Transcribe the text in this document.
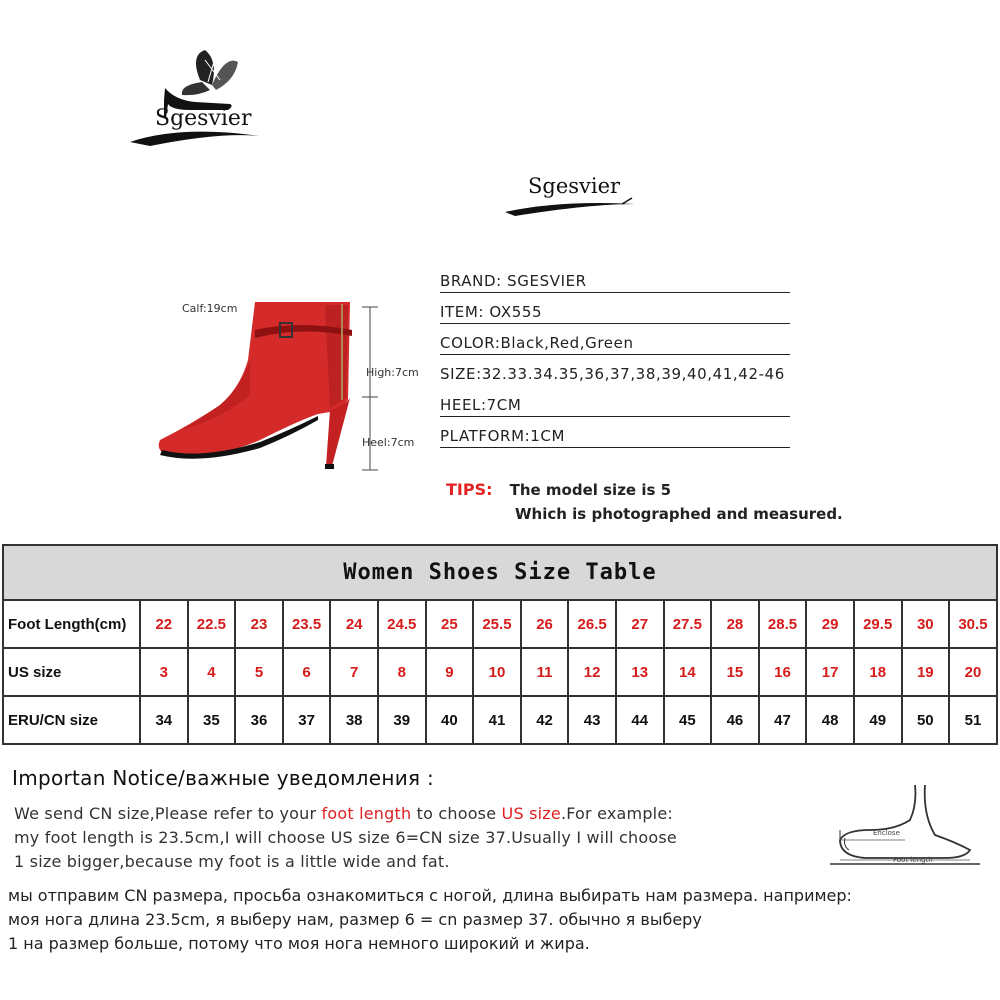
Sgesvier
Sgesvier
Calf:19cm
High:7cm
Heel:7cm
BRAND: SGESVIER
ITEM: OX555
COLOR:Black,Red,Green
SIZE:32.33.34.35,36,37,38,39,40,41,42-46
HEEL:7CM
PLATFORM:1CM
TIPS: The model size is 5
Which is photographed and measured.
Women Shoes Size Table																		
Foot Length(cm)	22	22.5	23	23.5	24	24.5	25	25.5	26	26.5	27	27.5	28	28.5	29	29.5	30	30.5
US size	3	4	5	6	7	8	9	10	11	12	13	14	15	16	17	18	19	20
ERU/CN size	34	35	36	37	38	39	40	41	42	43	44	45	46	47	48	49	50	51
Importan Notice/важные уведомления :
We send CN size,Please refer to your foot length to choose US size.For example:
my foot length is 23.5cm,I will choose US size 6=CN size 37.Usually I will choose
1 size bigger,because my foot is a little wide and fat.
Enclose
Foot length
мы отправим CN размера, просьба ознакомиться с ногой, длина выбирать нам размера. например:
моя нога длина 23.5cm, я выберу нам, размер 6 = cn размер 37. обычно я выберу
1 на размер больше, потому что моя нога немного широкий и жира.
